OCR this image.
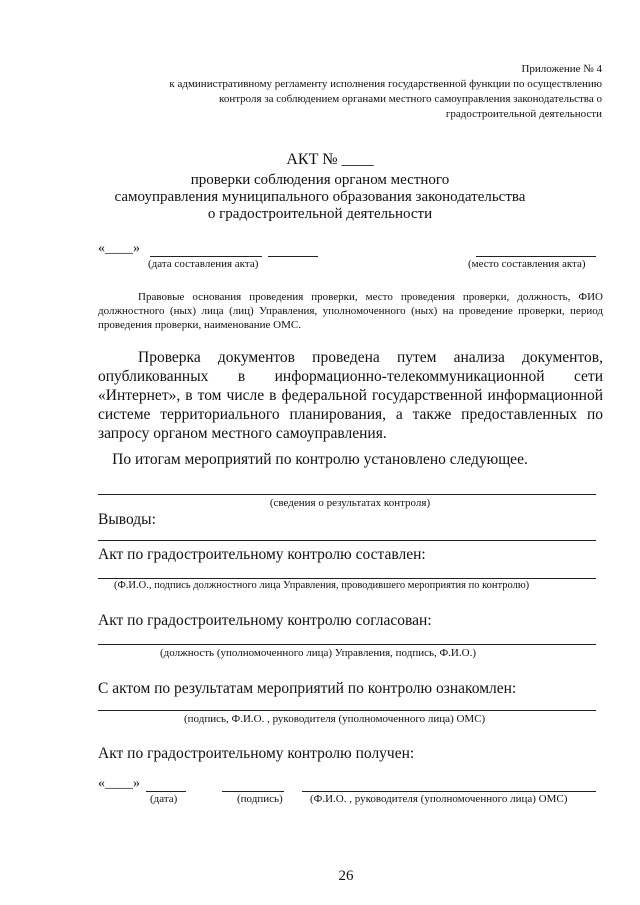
Приложение № 4
к административному регламенту исполнения государственной функции по осуществлению
контроля за соблюдением органами местного самоуправления законодательства о
градостроительной деятельности
АКТ № ____
проверки соблюдения органом местного
самоуправления муниципального образования законодательства
о градостроительной деятельности
«____»
(дата составления акта)	(место составления акта)
Правовые основания проведения проверки, место проведения проверки, должность, ФИО должностного (ных) лица (лиц) Управления, уполномоченного (ных) на проведение проверки, период проведения проверки, наименование ОМС.
Проверка документов проведена путем анализа документов, опубликованных в информационно-телекоммуникационной сети «Интернет», в том числе в федеральной государственной информационной системе территориального планирования, а также предоставленных по запросу органом местного самоуправления.
По итогам мероприятий по контролю установлено следующее.
(сведения о результатах контроля)
Выводы:
Акт по градостроительному контролю составлен:
(Ф.И.О., подпись должностного лица Управления, проводившего мероприятия по контролю)
Акт по градостроительному контролю согласован:
(должность (уполномоченного лица) Управления, подпись, Ф.И.О.)
С актом по результатам мероприятий по контролю ознакомлен:
(подпись, Ф.И.О. , руководителя (уполномоченного лица) ОМС)
Акт по градостроительному контролю получен:
«____»
(дата)	(подпись) (Ф.И.О. , руководителя (уполномоченного лица) ОМС)
26
